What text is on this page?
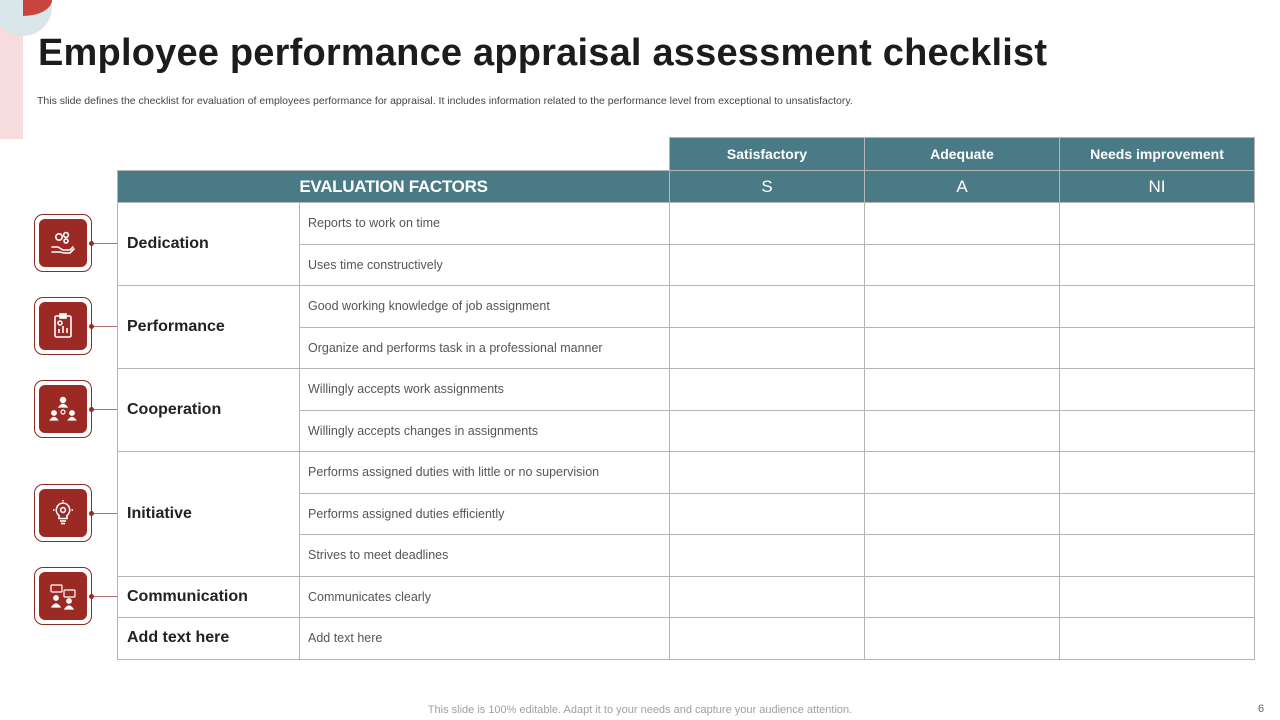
Employee performance appraisal assessment checklist

This slide defines the checklist for evaluation of employees performance for appraisal. It includes information related to the performance level from exceptional to unsatisfactory.

		Satisfactory	Adequate	Needs improvement
EVALUATION FACTORS		S	A	NI
Dedication	Reports to work on time			
	Uses time constructively			
Performance	Good working knowledge of job assignment			
	Organize and performs task in a professional manner			
Cooperation	Willingly accepts work assignments			
	Willingly accepts changes in assignments			
Initiative	Performs assigned duties with little or no supervision			
	Performs assigned duties efficiently			
	Strives to meet deadlines			
Communication	Communicates clearly			
Add text here	Add text here			
This slide is 100% editable. Adapt it to your needs and capture your audience attention.	6
